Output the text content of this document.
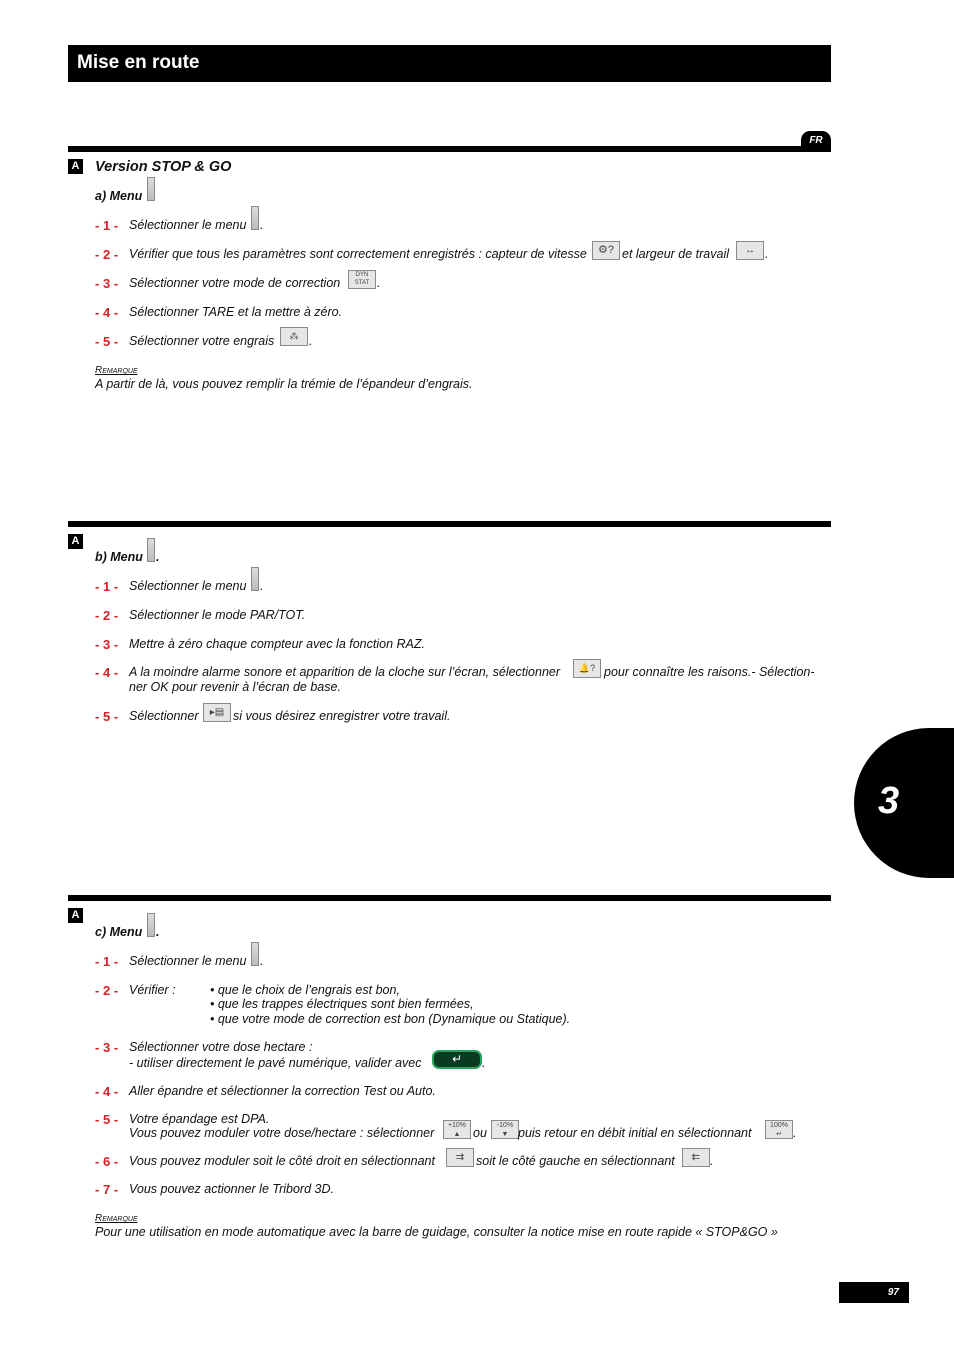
Mise en route
FR
A Version STOP & GO
a) Menu
- 1 - Sélectionner le menu .
- 2 - Vérifier que tous les paramètres sont correctement enregistrés : capteur de vitesse	⚙? et largeur de travail	↔ .
- 3 - Sélectionner votre mode de correction
DYN
STAT .
- 4 - Sélectionner TARE et la mettre à zéro.
- 5 - Sélectionner votre engrais	⁂ .
Remarque
A partir de là, vous pouvez remplir la trémie de l’épandeur d’engrais.
A
b) Menu .
- 1 - Sélectionner le menu .
- 2 - Sélectionner le mode PAR/TOT.
- 3 - Mettre à zéro chaque compteur avec la fonction RAZ.
- 4 - A la moindre alarme sonore et apparition de la cloche sur l’écran, sélectionner	🔔? pour connaître les raisons.- Sélection-
ner OK pour revenir à l’écran de base.
- 5 - Sélectionner	▸▤ si vous désirez enregistrer votre travail.
A
c) Menu .
- 1 - Sélectionner le menu .
- 2 - Vérifier :	• que le choix de l’engrais est bon,
• que les trappes électriques sont bien fermées,
• que votre mode de correction est bon (Dynamique ou Statique).
- 3 - Sélectionner votre dose hectare :
- utiliser directement le pavé numérique, valider avec	↵	.
- 4 - Aller épandre et sélectionner la correction Test ou Auto.
- 5 - Votre épandage est DPA.
Vous pouvez moduler votre dose/hectare : sélectionner
+10%
▲	ou
-10%
▼ puis retour en débit initial en sélectionnant
100%
↵ .
- 6 - Vous pouvez moduler soit le côté droit en sélectionnant	⇉ soit le côté gauche en sélectionnant	⇇ .
- 7 - Vous pouvez actionner le Tribord 3D.
Remarque
Pour une utilisation en mode automatique avec la barre de guidage, consulter la notice mise en route rapide « STOP&GO »
3
97
